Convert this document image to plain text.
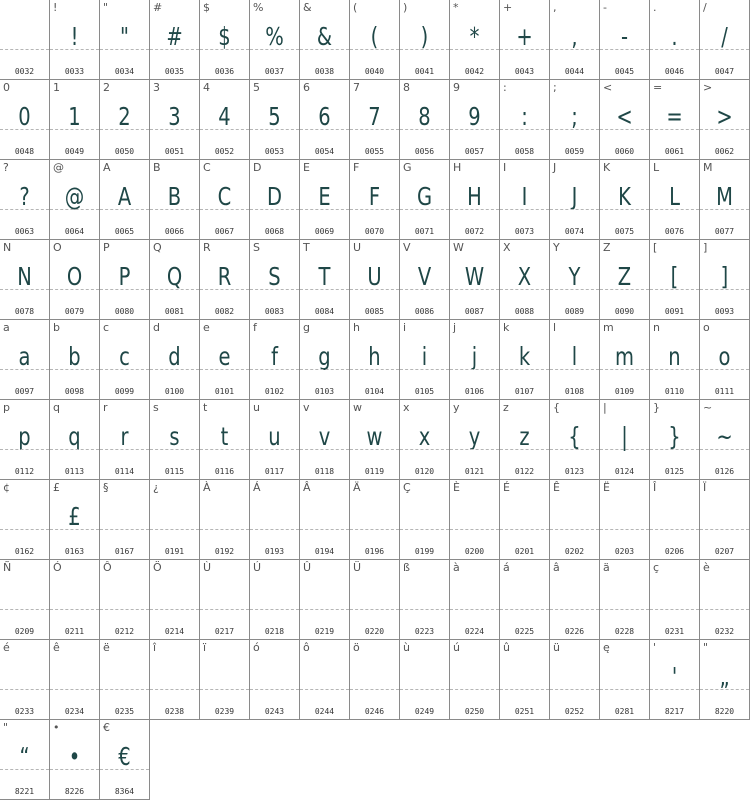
0032
!
!
0033
"
"
0034
#
#
0035
$
$
0036
%
%
0037
&
&
0038
(
(
0040
)
)
0041
*
*
0042
+
+
0043
,
,
0044
-
-
0045
.
.
0046
/
/
0047
0
0
0048
1
1
0049
2
2
0050
3
3
0051
4
4
0052
5
5
0053
6
6
0054
7
7
0055
8
8
0056
9
9
0057
:
:
0058
;
;
0059
<
<
0060
=
=
0061
>
>
0062
?
?
0063
@
@
0064
A
A
0065
B
B
0066
C
C
0067
D
D
0068
E
E
0069
F
F
0070
G
G
0071
H
H
0072
I
I
0073
J
J
0074
K
K
0075
L
L
0076
M
M
0077
N
N
0078
O
O
0079
P
P
0080
Q
Q
0081
R
R
0082
S
S
0083
T
T
0084
U
U
0085
V
V
0086
W
W
0087
X
X
0088
Y
Y
0089
Z
Z
0090
[
[
0091
]
]
0093
a
a
0097
b
b
0098
c
c
0099
d
d
0100
e
e
0101
f
f
0102
g
g
0103
h
h
0104
i
i
0105
j
j
0106
k
k
0107
l
l
0108
m
m
0109
n
n
0110
o
o
0111
p
p
0112
q
q
0113
r
r
0114
s
s
0115
t
t
0116
u
u
0117
v
v
0118
w
w
0119
x
x
0120
y
y
0121
z
z
0122
{
{
0123
|
|
0124
}
}
0125
~
~
0126
¢
0162
£
£
0163
§
0167
¿
0191
À
0192
Á
0193
Â
0194
Ä
0196
Ç
0199
È
0200
É
0201
Ê
0202
Ë
0203
Î
0206
Ï
0207
Ñ
0209
Ó
0211
Ô
0212
Ö
0214
Ù
0217
Ú
0218
Û
0219
Ü
0220
ß
0223
à
0224
á
0225
â
0226
ä
0228
ç
0231
è
0232
é
0233
ê
0234
ë
0235
î
0238
ï
0239
ó
0243
ô
0244
ö
0246
ù
0249
ú
0250
û
0251
ü
0252
ę
0281
'
'
8217
"
„
8220
"
“
8221
•
•
8226
€
€
8364
